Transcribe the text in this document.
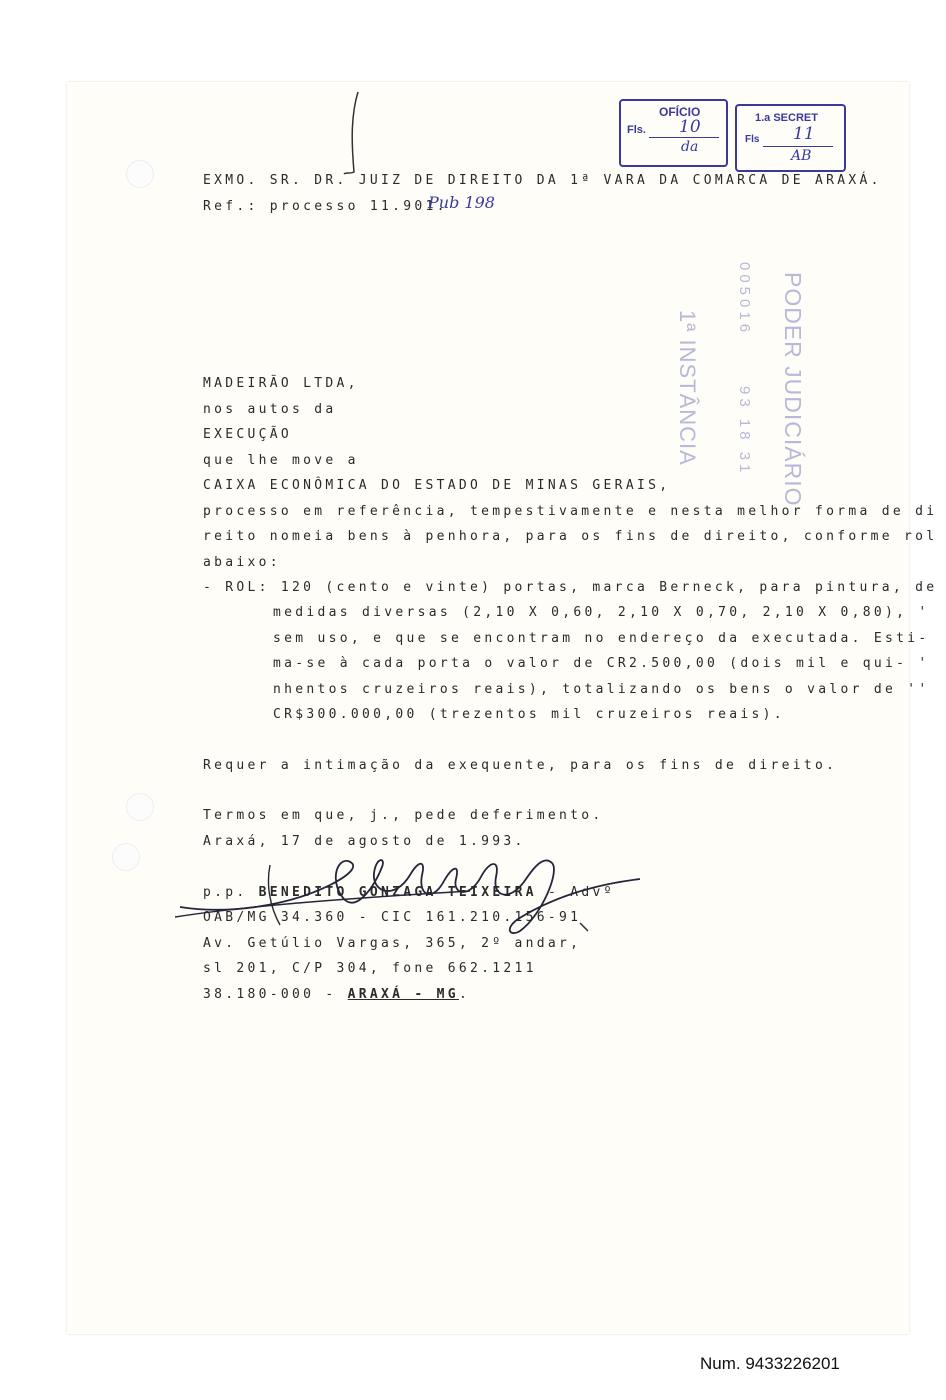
OFÍCIO
Fls. 10
da
1.a SECRET
Fls 11
AB
PODER JUDICIÁRIO
005016
93 18 31
1ª INSTÂNCIA
EXMO. SR. DR. JUIZ DE DIREITO DA 1ª VARA DA COMARCA DE ARAXÁ.
Ref.: processo 11.901.
Pub 198
MADEIRÃO LTDA,
nos autos da
EXECUÇÃO
que lhe move a
CAIXA ECONÔMICA DO ESTADO DE MINAS GERAIS,
processo em referência, tempestivamente e nesta melhor forma de di
reito nomeia bens à penhora, para os fins de direito, conforme rol
abaixo:
- ROL: 120 (cento e vinte) portas, marca Berneck, para pintura, de
medidas diversas (2,10 X 0,60, 2,10 X 0,70, 2,10 X 0,80), '
sem uso, e que se encontram no endereço da executada. Esti-
ma-se à cada porta o valor de CR2.500,00 (dois mil e qui- '
nhentos cruzeiros reais), totalizando os bens o valor de ''
CR$300.000,00 (trezentos mil cruzeiros reais).
Requer a intimação da exequente, para os fins de direito.
Termos em que, j., pede deferimento.
Araxá, 17 de agosto de 1.993.
p.p. BENEDITO GONZAGA TEIXEIRA - Advº
OAB/MG 34.360 - CIC 161.210.156-91
Av. Getúlio Vargas, 365, 2º andar,
sl 201, C/P 304, fone 662.1211
38.180-000 - ARAXÁ - MG.
Num. 9433226201
